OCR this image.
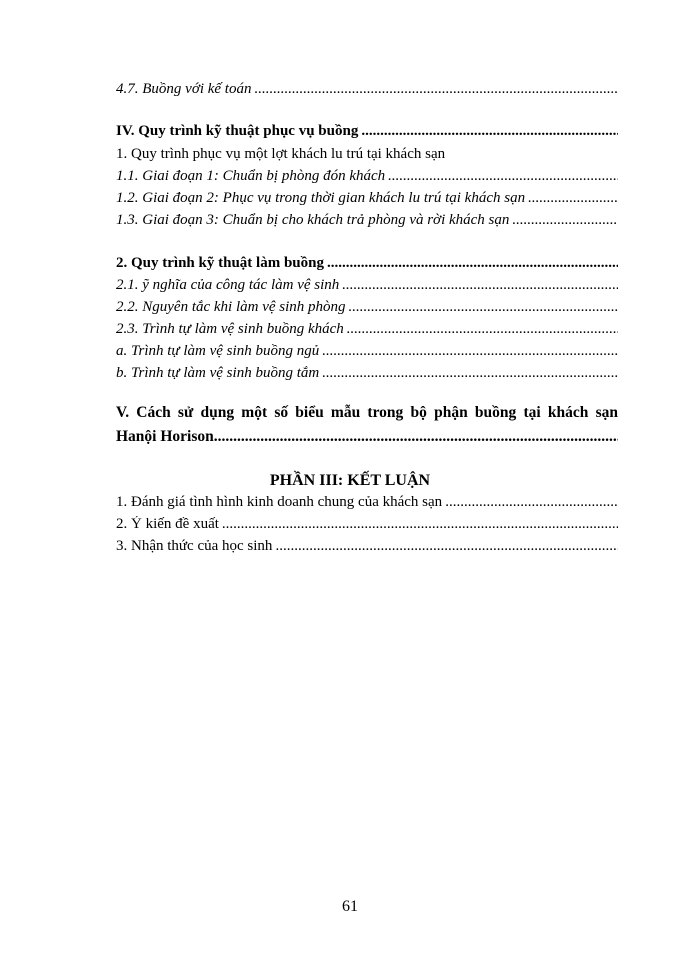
4.7. Buồng với kế toán
.....
IV. Quy trình kỹ thuật phục vụ buồng
.....
1. Quy trình phục vụ một lợt khách lu trú tại khách sạn
1.1. Giai đoạn 1: Chuẩn bị phòng đón khách
.....
1.2. Giai đoạn 2: Phục vụ trong thời gian khách lu trú tại khách sạn
.....
1.3. Giai đoạn 3: Chuẩn bị cho khách trả phòng và rời khách sạn
.....
2. Quy trình kỹ thuật làm buồng
.....
2.1. ỹ nghĩa của công tác làm vệ sinh
.....
2.2. Nguyên tắc khi làm vệ sinh phòng
.....
2.3. Trình tự làm vệ sinh buồng khách
.....
a. Trình tự làm vệ sinh buồng ngủ
.....
b. Trình tự làm vệ sinh buồng tắm
.....
V. Cách sử dụng một số biểu mẫu trong bộ phận buồng tại khách sạn
Hanội Horison
.....
PHẦN III: KẾT LUẬN
1. Đánh giá tình hình kinh doanh chung của khách sạn
.....
2. Ý kiến đề xuất
.....
3. Nhận thức của học sinh
.....
61
